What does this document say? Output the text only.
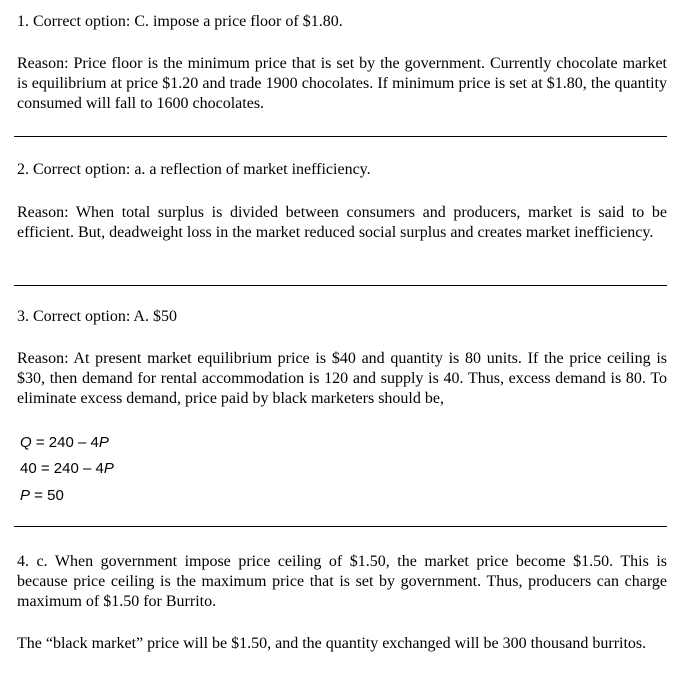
1. Correct option: C. impose a price floor of $1.80.

Reason: Price floor is the minimum price that is set by the government. Currently chocolate market is equilibrium at price $1.20 and trade 1900 chocolates. If minimum price is set at $1.80, the quantity consumed will fall to 1600 chocolates.

2. Correct option: a. a reflection of market inefficiency.

Reason: When total surplus is divided between consumers and producers, market is said to be efficient. But, deadweight loss in the market reduced social surplus and creates market inefficiency.

3. Correct option: A. $50

Reason: At present market equilibrium price is $40 and quantity is 80 units. If the price ceiling is $30, then demand for rental accommodation is 120 and supply is 40. Thus, excess demand is 80. To eliminate excess demand, price paid by black marketers should be,

Q = 240 – 4P
40 = 240 – 4P
P = 50

4. c. When government impose price ceiling of $1.50, the market price become $1.50. This is because price ceiling is the maximum price that is set by government. Thus, producers can charge maximum of $1.50 for Burrito.

The “black market” price will be $1.50, and the quantity exchanged will be 300 thousand burritos.
